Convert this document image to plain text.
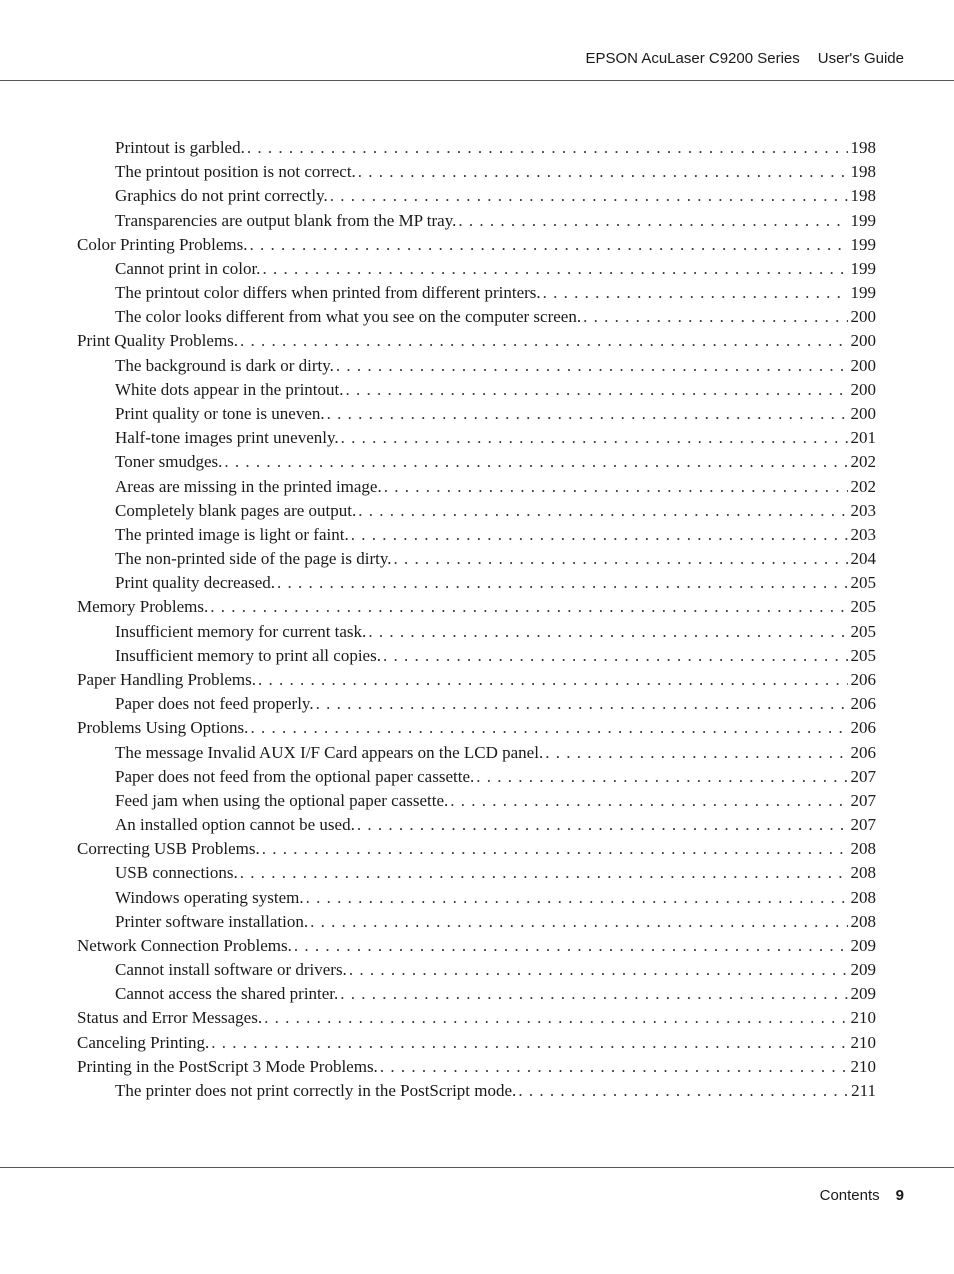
EPSON AcuLaser C9200 Series User's Guide
Printout is garbled. . . .	198
The printout position is not correct. . . .	198
Graphics do not print correctly. . . .	198
Transparencies are output blank from the MP tray. . . .	199
Color Printing Problems. . . .	199
Cannot print in color. . . .	199
The printout color differs when printed from different printers. . . .	199
The color looks different from what you see on the computer screen. . . .	200
Print Quality Problems. . . .	200
The background is dark or dirty. . . .	200
White dots appear in the printout. . . .	200
Print quality or tone is uneven. . . .	200
Half-tone images print unevenly. . . .	201
Toner smudges. . . .	202
Areas are missing in the printed image. . . .	202
Completely blank pages are output. . . .	203
The printed image is light or faint. . . .	203
The non-printed side of the page is dirty. . . .	204
Print quality decreased. . . .	205
Memory Problems. . . .	205
Insufficient memory for current task. . . .	205
Insufficient memory to print all copies. . . .	205
Paper Handling Problems. . . .	206
Paper does not feed properly. . . .	206
Problems Using Options. . . .	206
The message Invalid AUX I/F Card appears on the LCD panel. . . .	206
Paper does not feed from the optional paper cassette. . . .	207
Feed jam when using the optional paper cassette. . . .	207
An installed option cannot be used. . . .	207
Correcting USB Problems. . . .	208
USB connections. . . .	208
Windows operating system. . . .	208
Printer software installation. . . .	208
Network Connection Problems. . . .	209
Cannot install software or drivers. . . .	209
Cannot access the shared printer. . . .	209
Status and Error Messages. . . .	210
Canceling Printing. . . .	210
Printing in the PostScript 3 Mode Problems. . . .	210
The printer does not print correctly in the PostScript mode. . . .	211
Contents 9
